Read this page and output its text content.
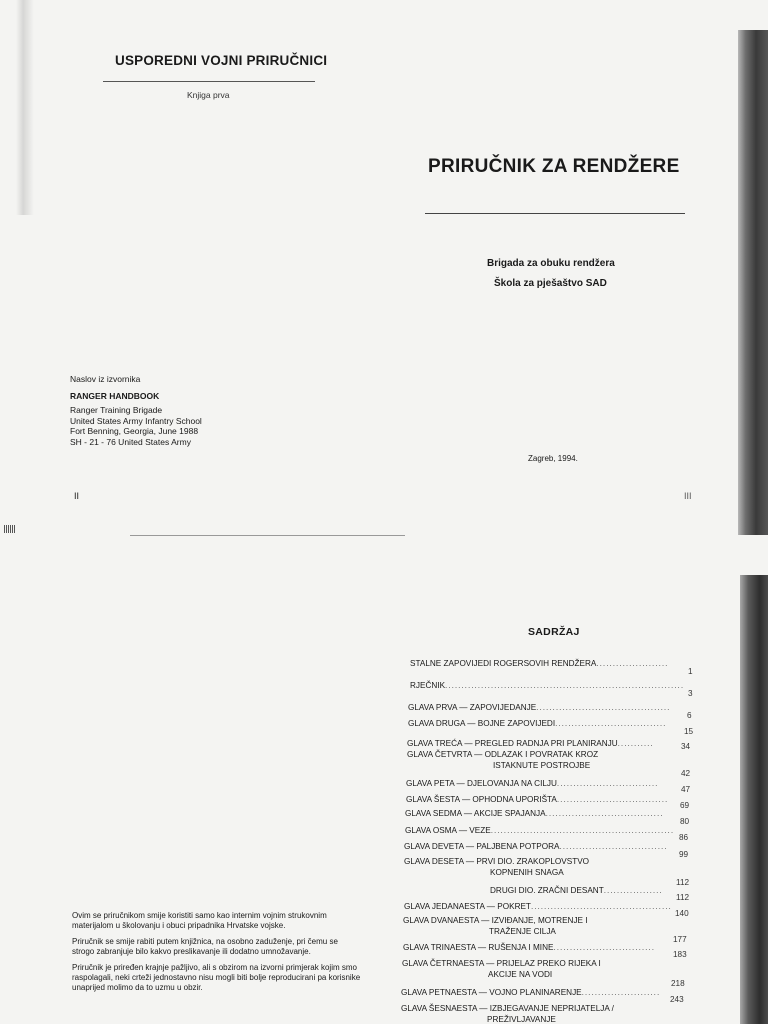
USPOREDNI VOJNI PRIRUČNICI
Knjiga prva
PRIRUČNIK ZA RENDŽERE
Brigada za obuku rendžera
Škola za pješaštvo SAD
Naslov iz izvornika
RANGER HANDBOOK
Ranger Training Brigade
United States Army Infantry School
Fort Benning, Georgia, June 1988
SH - 21 - 76 United States Army
Zagreb, 1994.
II	III
SADRŽAJ
STALNE ZAPOVIJEDI ROGERSOVIH RENDŽERA......................
1
RJEČNIK.........................................................................
3
GLAVA PRVA — ZAPOVIJEDANJE.........................................
6
GLAVA DRUGA — BOJNE ZAPOVIJEDI..................................
15
GLAVA TREĆA — PREGLED RADNJA PRI PLANIRANJU...........	34
GLAVA ČETVRTA — ODLAZAK I POVRATAK KROZ
ISTAKNUTE POSTROJBE
42
GLAVA PETA — DJELOVANJA NA CILJU...............................
47
GLAVA ŠESTA — OPHODNA UPORIŠTA..................................
69
GLAVA SEDMA — AKCIJE SPAJANJA....................................
80
GLAVA OSMA — VEZE........................................................
86
GLAVA DEVETA — PALJBENA POTPORA.................................
99
GLAVA DESETA — PRVI DIO. ZRAKOPLOVSTVO
KOPNENIH SNAGA
112
DRUGI DIO. ZRAČNI DESANT..................
112
GLAVA JEDANAESTA — POKRET...........................................
140
GLAVA DVANAESTA — IZVIĐANJE, MOTRENJE I
TRAŽENJE CILJA
177
GLAVA TRINAESTA — RUŠENJA I MINE...............................
183
GLAVA ČETRNAESTA — PRIJELAZ PREKO RIJEKA I
AKCIJE NA VODI
218
GLAVA PETNAESTA — VOJNO PLANINARENJE........................
243
GLAVA ŠESNAESTA — IZBJEGAVANJE NEPRIJATELJA /
PREŽIVLJAVANJE

Ovim se priručnikom smije koristiti samo kao internim vojnim strukovnim materijalom u školovanju i obuci pripadnika Hrvatske vojske.

Priručnik se smije rabiti putem knjižnica, na osobno zaduženje, pri čemu se strogo zabranjuje bilo kakvo preslikavanje ili dodatno umnožavanje.

Priručnik je priređen krajnje pažljivo, ali s obzirom na izvorni primjerak kojim smo raspolagali, neki crteži jednostavno nisu mogli biti bolje reproducirani pa korisnike unaprijed molimo da to uzmu u obzir.
